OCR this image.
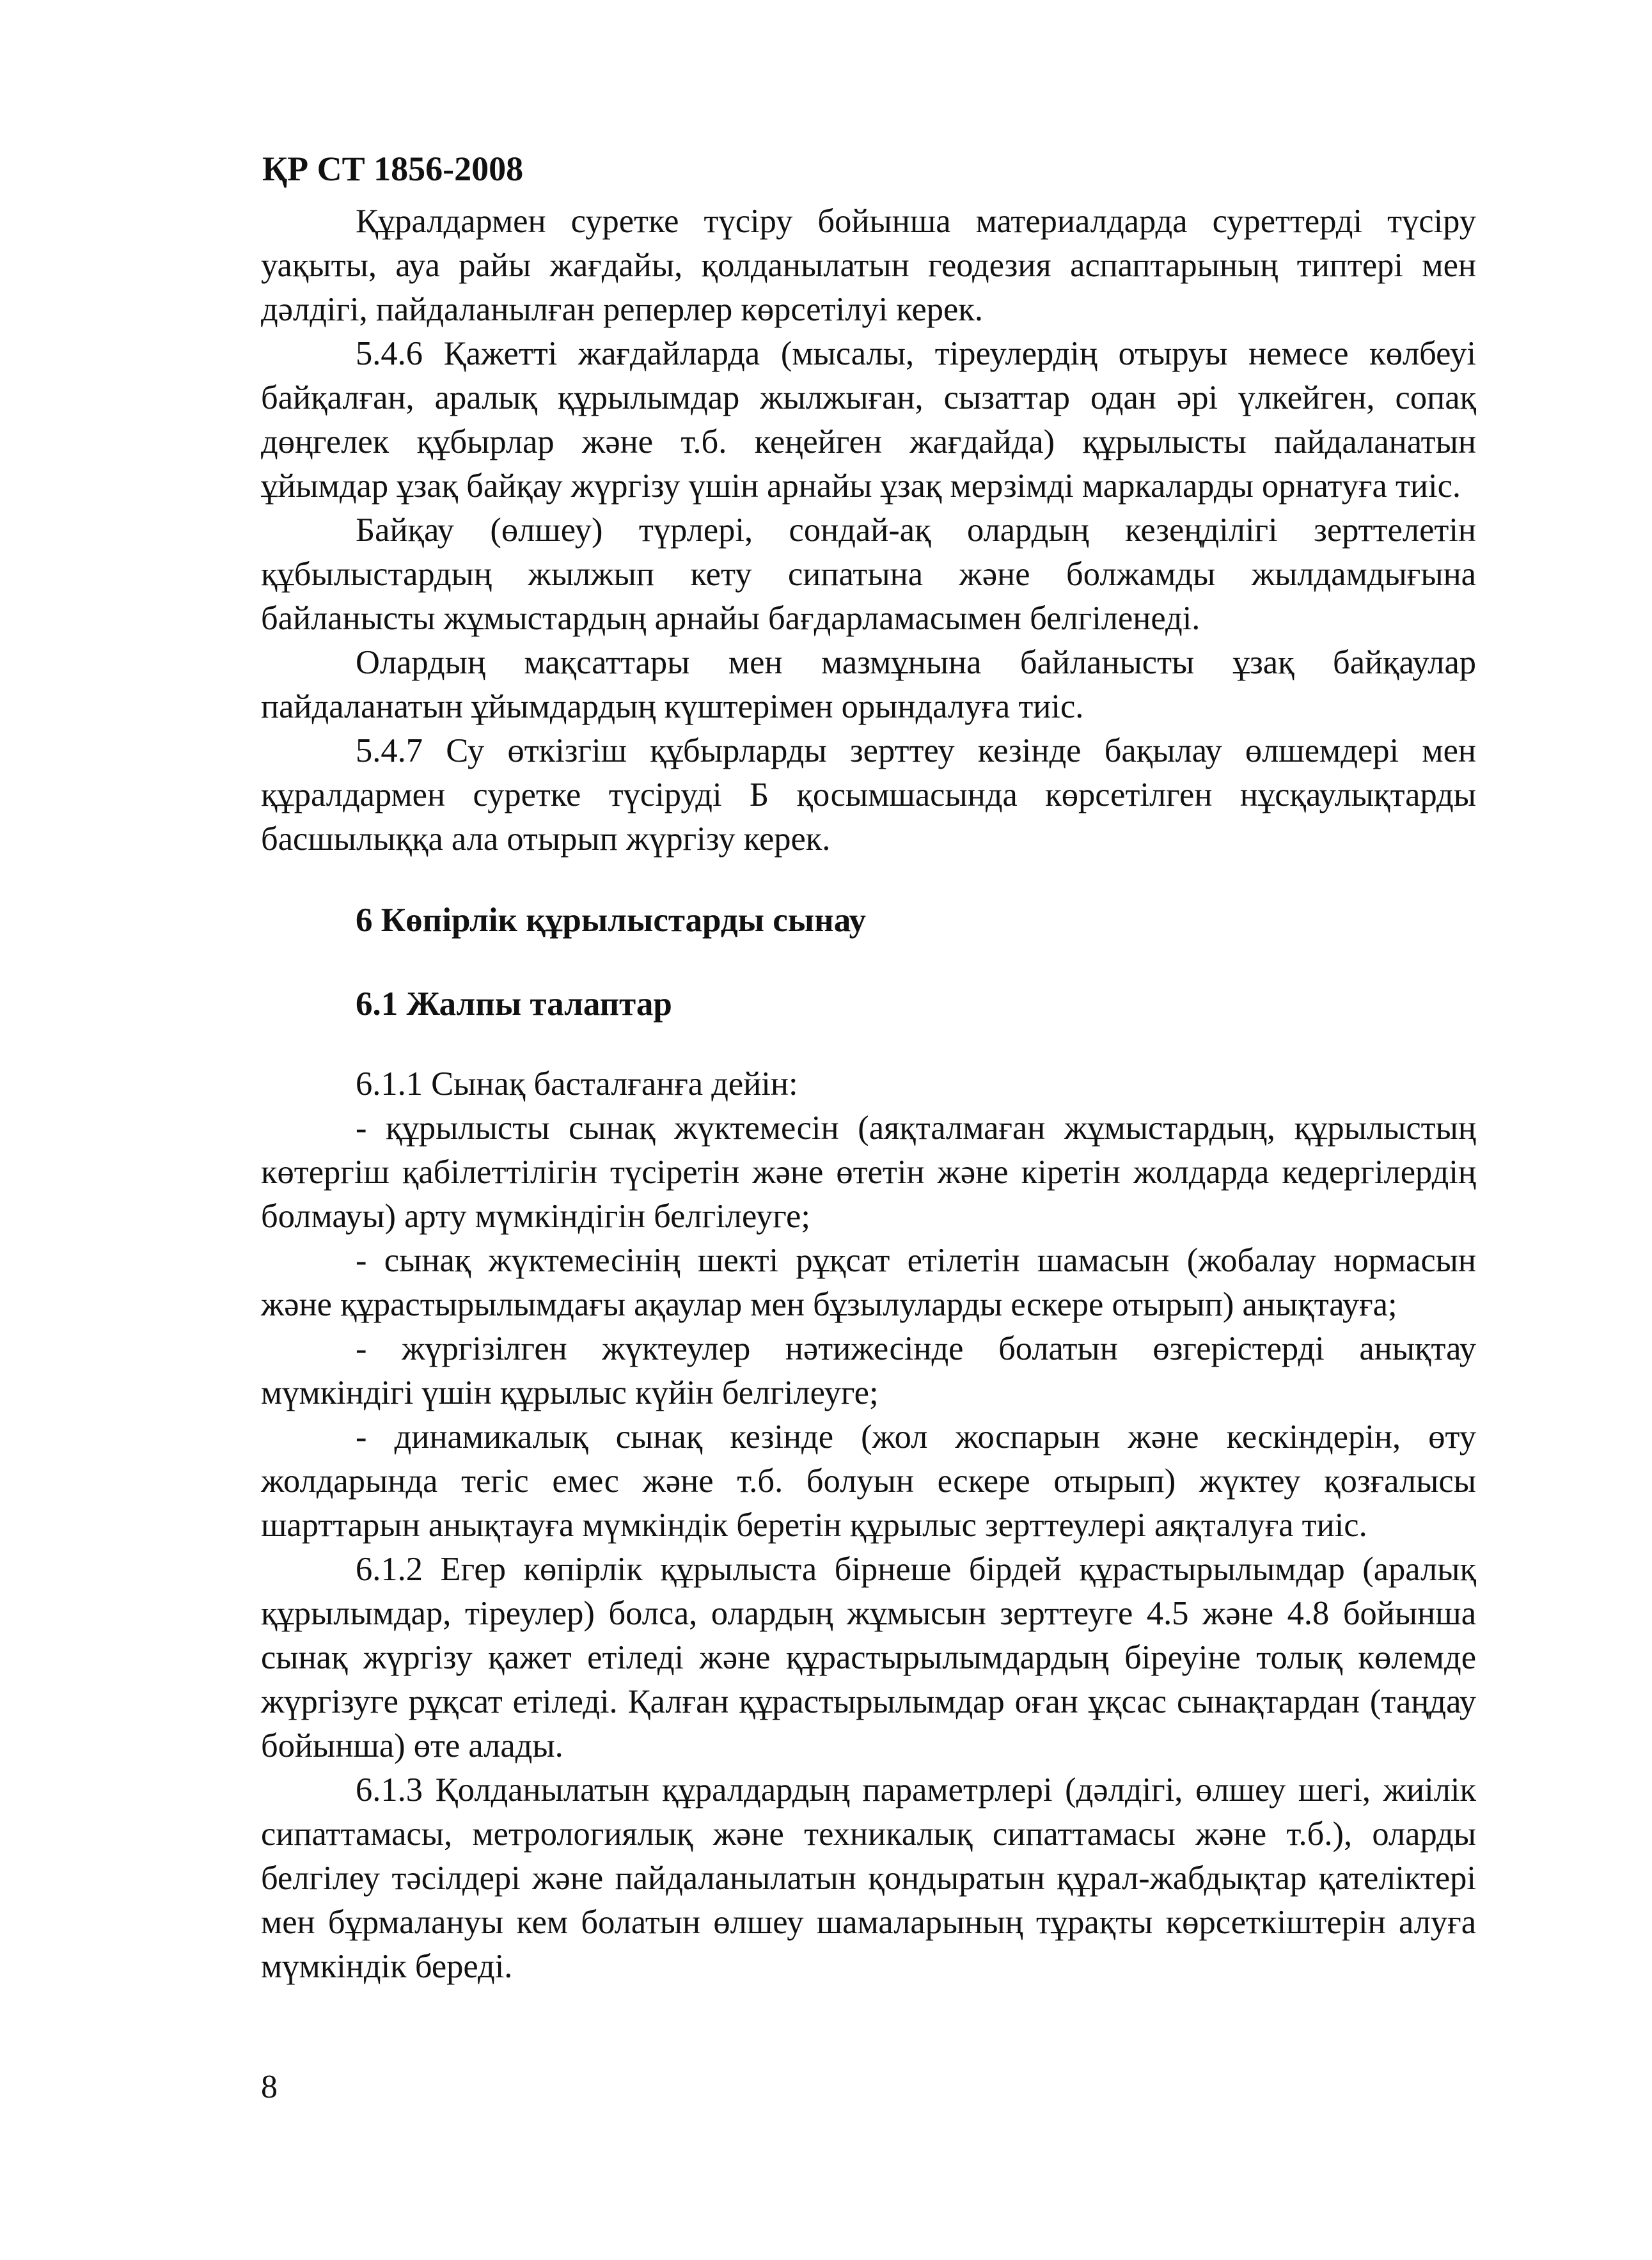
ҚР СТ 1856-2008

Құралдармен суретке түсіру бойынша материалдарда суреттерді түсіру уақыты, ауа райы жағдайы, қолданылатын геодезия аспаптарының типтері мен дәлдігі, пайдаланылған реперлер көрсетілуі керек.

5.4.6 Қажетті жағдайларда (мысалы, тіреулердің отыруы немесе көлбеуі байқалған, аралық құрылымдар жылжыған, сызаттар одан әрі үлкейген, сопақ дөңгелек құбырлар және т.б. кеңейген жағдайда) құрылысты пайдаланатын ұйымдар ұзақ байқау жүргізу үшін арнайы ұзақ мерзімді маркаларды орнатуға тиіс.

Байқау (өлшеу) түрлері, сондай-ақ олардың кезеңділігі зерттелетін құбылыстардың жылжып кету сипатына және болжамды жылдамдығына байланысты жұмыстардың арнайы бағдарламасымен белгіленеді.

Олардың мақсаттары мен мазмұнына байланысты ұзақ байқаулар пайдаланатын ұйымдардың күштерімен орындалуға тиіс.

5.4.7 Су өткізгіш құбырларды зерттеу кезінде бақылау өлшемдері мен құралдармен суретке түсіруді Б қосымшасында көрсетілген нұсқаулықтарды басшылыққа ала отырып жүргізу керек.

6 Көпірлік құрылыстарды сынау
6.1 Жалпы талаптар

6.1.1 Сынақ басталғанға дейін:

- құрылысты сынақ жүктемесін (аяқталмаған жұмыстардың, құрылыстың көтергіш қабілеттілігін түсіретін және өтетін және кіретін жолдарда кедергілердің болмауы) арту мүмкіндігін белгілеуге;

- сынақ жүктемесінің шекті рұқсат етілетін шамасын (жобалау нормасын және құрастырылымдағы ақаулар мен бұзылуларды ескере отырып) анықтауға;

- жүргізілген жүктеулер нәтижесінде болатын өзгерістерді анықтау мүмкіндігі үшін құрылыс күйін белгілеуге;

- динамикалық сынақ кезінде (жол жоспарын және кескіндерін, өту жолдарында тегіс емес және т.б. болуын ескере отырып) жүктеу қозғалысы шарттарын анықтауға мүмкіндік беретін құрылыс зерттеулері аяқталуға тиіс.

6.1.2 Егер көпірлік құрылыста бірнеше бірдей құрастырылымдар (аралық құрылымдар, тіреулер) болса, олардың жұмысын зерттеуге 4.5 және 4.8 бойынша сынақ жүргізу қажет етіледі және құрастырылымдардың біреуіне толық көлемде жүргізуге рұқсат етіледі. Қалған құрастырылымдар оған ұқсас сынақтардан (таңдау бойынша) өте алады.

6.1.3 Қолданылатын құралдардың параметрлері (дәлдігі, өлшеу шегі, жиілік сипаттамасы, метрологиялық және техникалық сипаттамасы және т.б.), оларды белгілеу тәсілдері және пайдаланылатын қондыратын құрал-жабдықтар қателіктері мен бұрмалануы кем болатын өлшеу шамаларының тұрақты көрсеткіштерін алуға мүмкіндік береді.

8
